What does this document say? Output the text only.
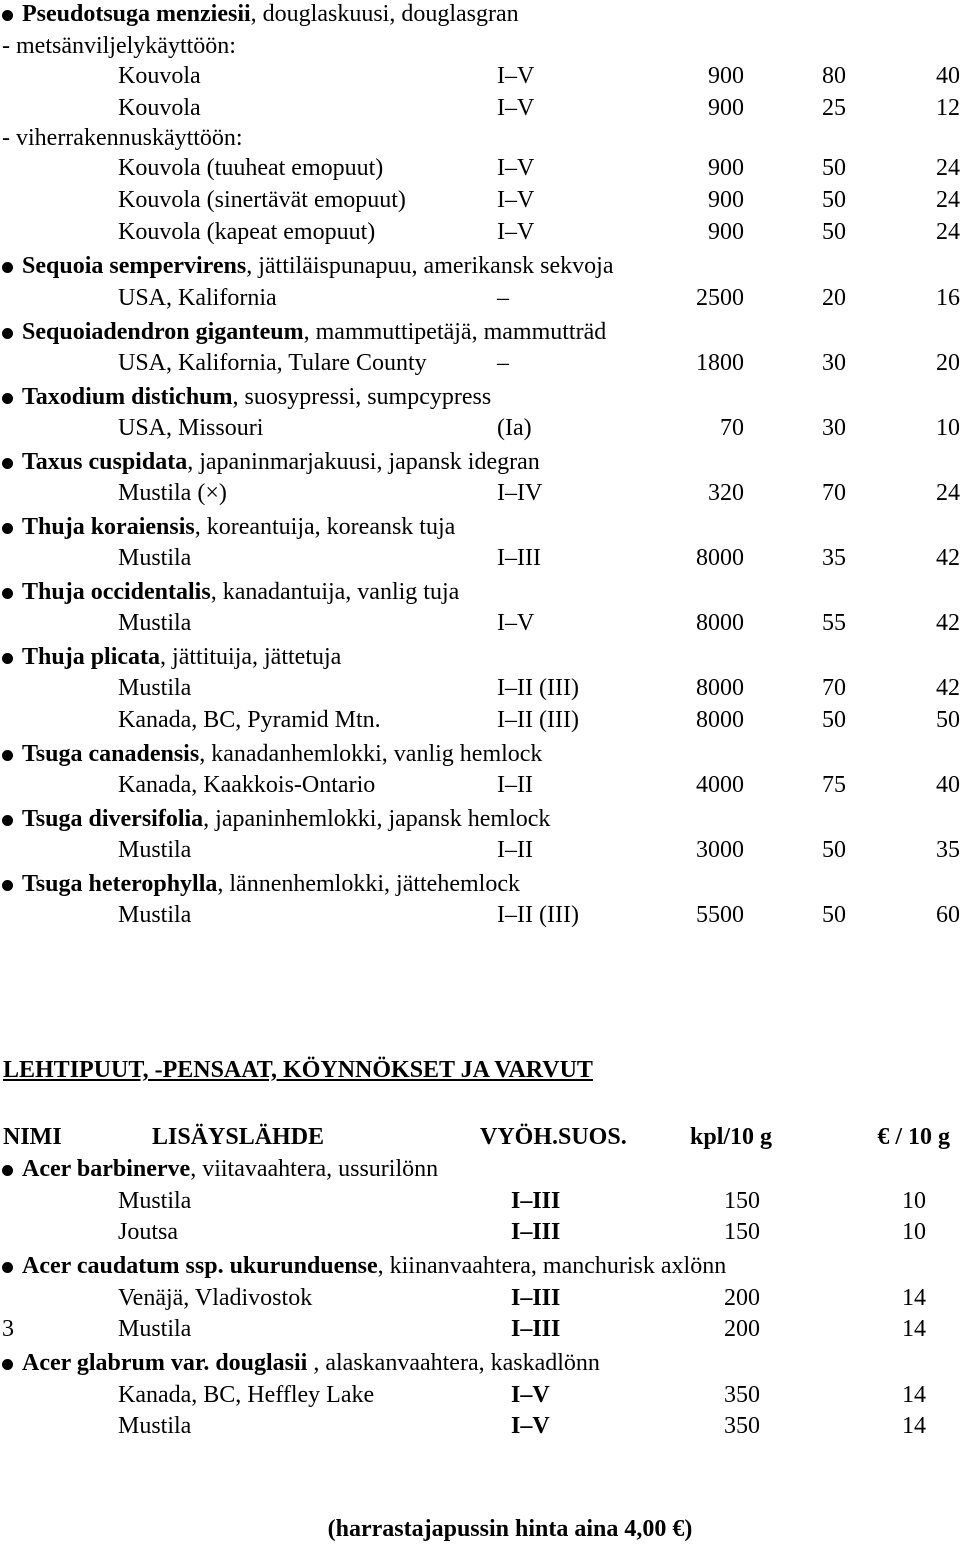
Pseudotsuga menziesii, douglaskuusi, douglasgran
- metsänviljelykäyttöön:
Kouvola	I–V	900	80	40
Kouvola	I–V	900	25	12
- viherrakennuskäyttöön:
Kouvola (tuuheat emopuut)	I–V	900	50	24
Kouvola (sinertävät emopuut)	I–V	900	50	24
Kouvola (kapeat emopuut)	I–V	900	50	24
Sequoia sempervirens, jättiläispunapuu, amerikansk sekvoja
USA, Kalifornia	–	2500	20	16
Sequoiadendron giganteum, mammuttipetäjä, mammutträd
USA, Kalifornia, Tulare County	–	1800	30	20
Taxodium distichum, suosypressi, sumpcypress
USA, Missouri	(Ia)	70	30	10
Taxus cuspidata, japaninmarjakuusi, japansk idegran
Mustila (×)	I–IV	320	70	24
Thuja koraiensis, koreantuija, koreansk tuja
Mustila	I–III	8000	35	42
Thuja occidentalis, kanadantuija, vanlig tuja
Mustila	I–V	8000	55	42
Thuja plicata, jättituija, jättetuja
Mustila	I–II (III)	8000	70	42
Kanada, BC, Pyramid Mtn.	I–II (III)	8000	50	50
Tsuga canadensis, kanadanhemlokki, vanlig hemlock
Kanada, Kaakkois-Ontario	I–II	4000	75	40
Tsuga diversifolia, japaninhemlokki, japansk hemlock
Mustila	I–II	3000	50	35
Tsuga heterophylla, lännenhemlokki, jättehemlock
Mustila	I–II (III)	5500	50	60
LEHTIPUUT, -PENSAAT, KÖYNNÖKSET JA VARVUT
NIMI	LISÄYSLÄHDE	VYÖH.SUOS.	kpl/10 g	€ / 10 g
Acer barbinerve, viitavaahtera, ussurilönn
Mustila	I–III	150	10
Joutsa	I–III	150	10
Acer caudatum ssp. ukurunduense, kiinanvaahtera, manchurisk axlönn
Venäjä, Vladivostok	I–III	200	14
3	Mustila	I–III	200	14
Acer glabrum var. douglasii , alaskanvaahtera, kaskadlönn
Kanada, BC, Heffley Lake	I–V	350	14
Mustila	I–V	350	14
(harrastajapussin hinta aina 4,00 €)
